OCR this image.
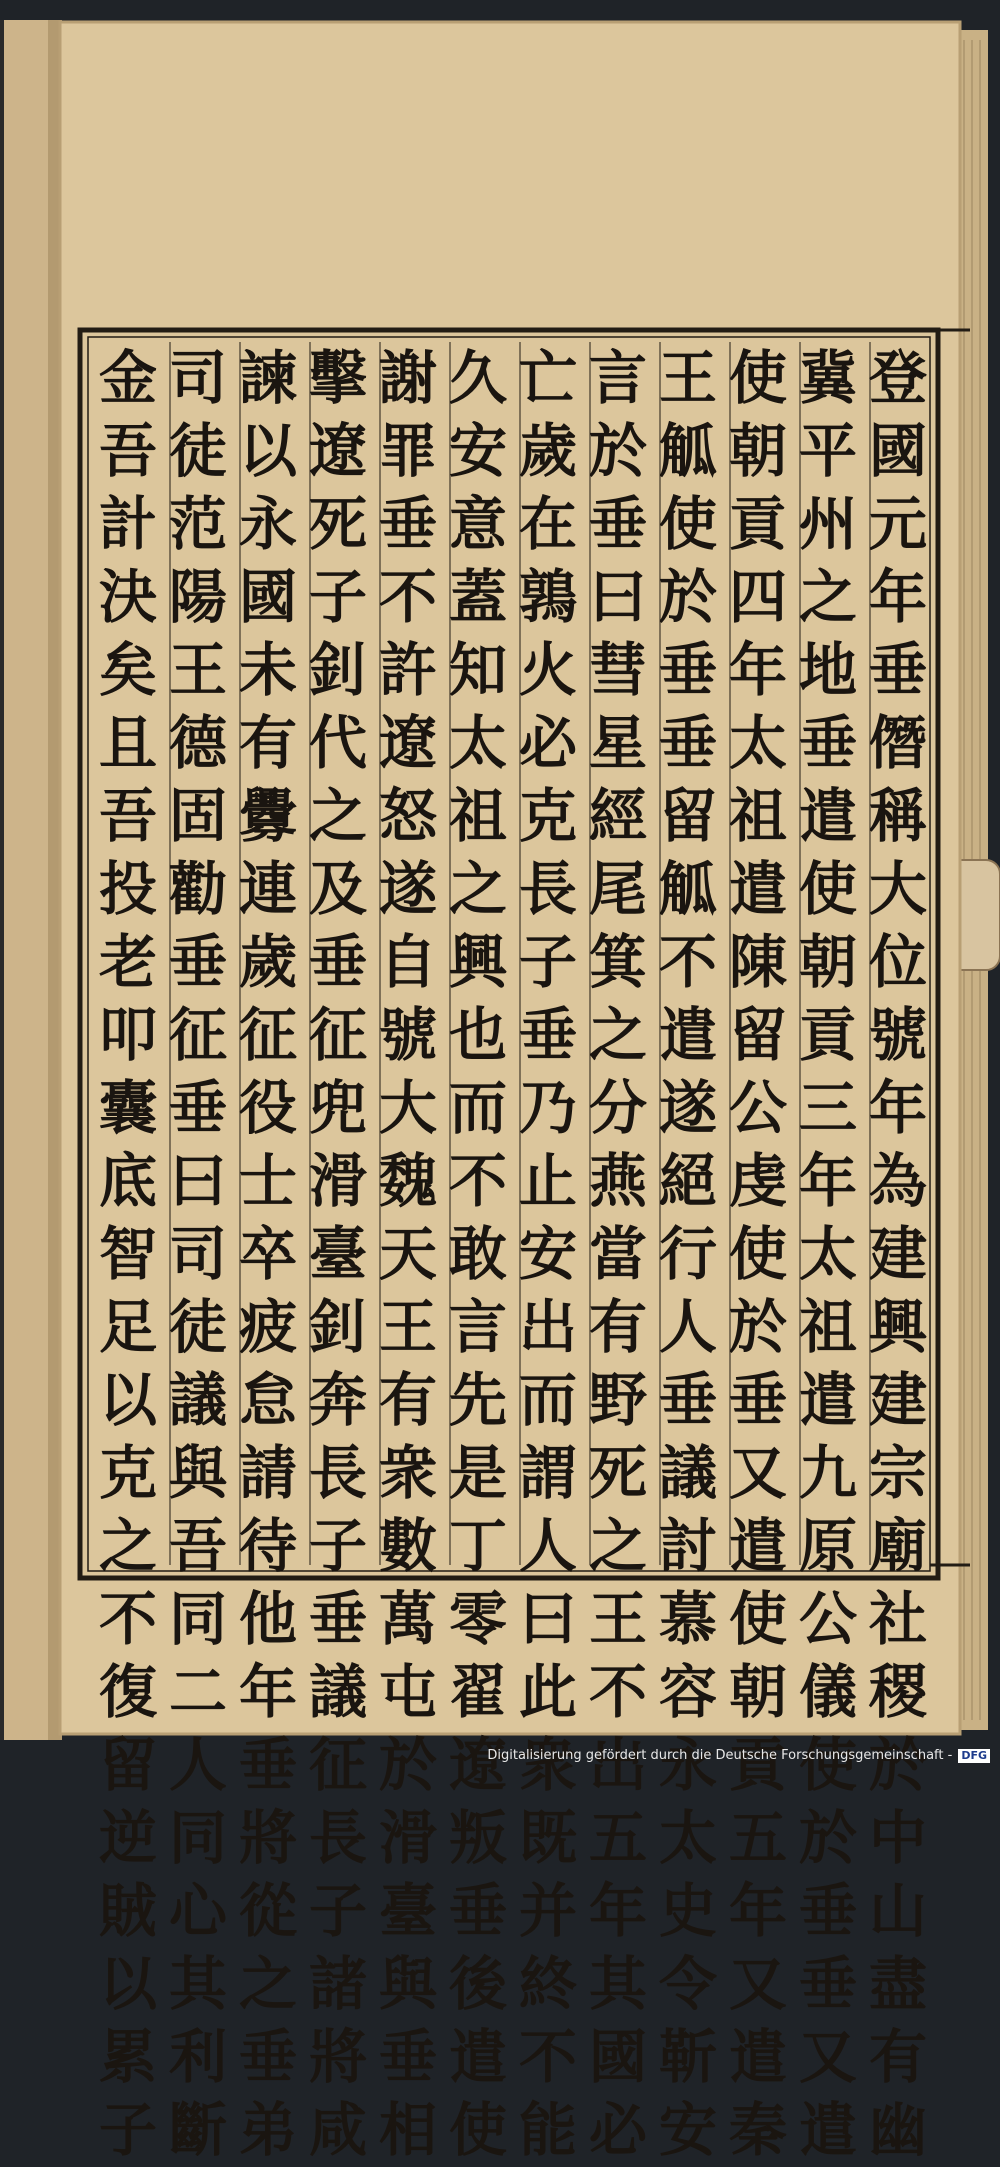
登
國
元
年
垂
僭
稱
大
位
號
年
為
建
興
建
宗
廟
社
稷
於
中
山
盡
有
幽
冀
平
州
之
地
垂
遣
使
朝
貢
三
年
太
祖
遣
九
原
公
儀
使
於
垂
垂
又
遣
使
朝
貢
四
年
太
祖
遣
陳
留
公
虔
使
於
垂
又
遣
使
朝
貢
五
年
又
遣
秦
王
觚
使
於
垂
垂
留
觚
不
遣
遂
絕
行
人
垂
議
討
慕
容
永
太
史
令
靳
安
言
於
垂
曰
彗
星
經
尾
箕
之
分
燕
當
有
野
死
之
王
不
出
五
年
其
國
必
亡
歲
在
鶉
火
必
克
長
子
垂
乃
止
安
出
而
謂
人
曰
此
衆
既
并
終
不
能
久
安
意
蓋
知
太
祖
之
興
也
而
不
敢
言
先
是
丁
零
翟
遼
叛
垂
後
遣
使
謝
罪
垂
不
許
遼
怒
遂
自
號
大
魏
天
王
有
衆
數
萬
屯
於
滑
臺
與
垂
相
擊
遼
死
子
釗
代
之
及
垂
征
兜
滑
臺
釗
奔
長
子
垂
議
征
長
子
諸
將
咸
諫
以
永
國
未
有
釁
連
歲
征
役
士
卒
疲
怠
請
待
他
年
垂
將
從
之
垂
弟
司
徒
范
陽
王
德
固
勸
垂
征
垂
曰
司
徒
議
與
吾
同
二
人
同
心
其
利
斷
金
吾
計
決
矣
且
吾
投
老
叩
囊
底
智
足
以
克
之
不
復
留
逆
賊
以
累
子
Digitalisierung gefördert durch die Deutsche Forschungsgemeinschaft - DFG
